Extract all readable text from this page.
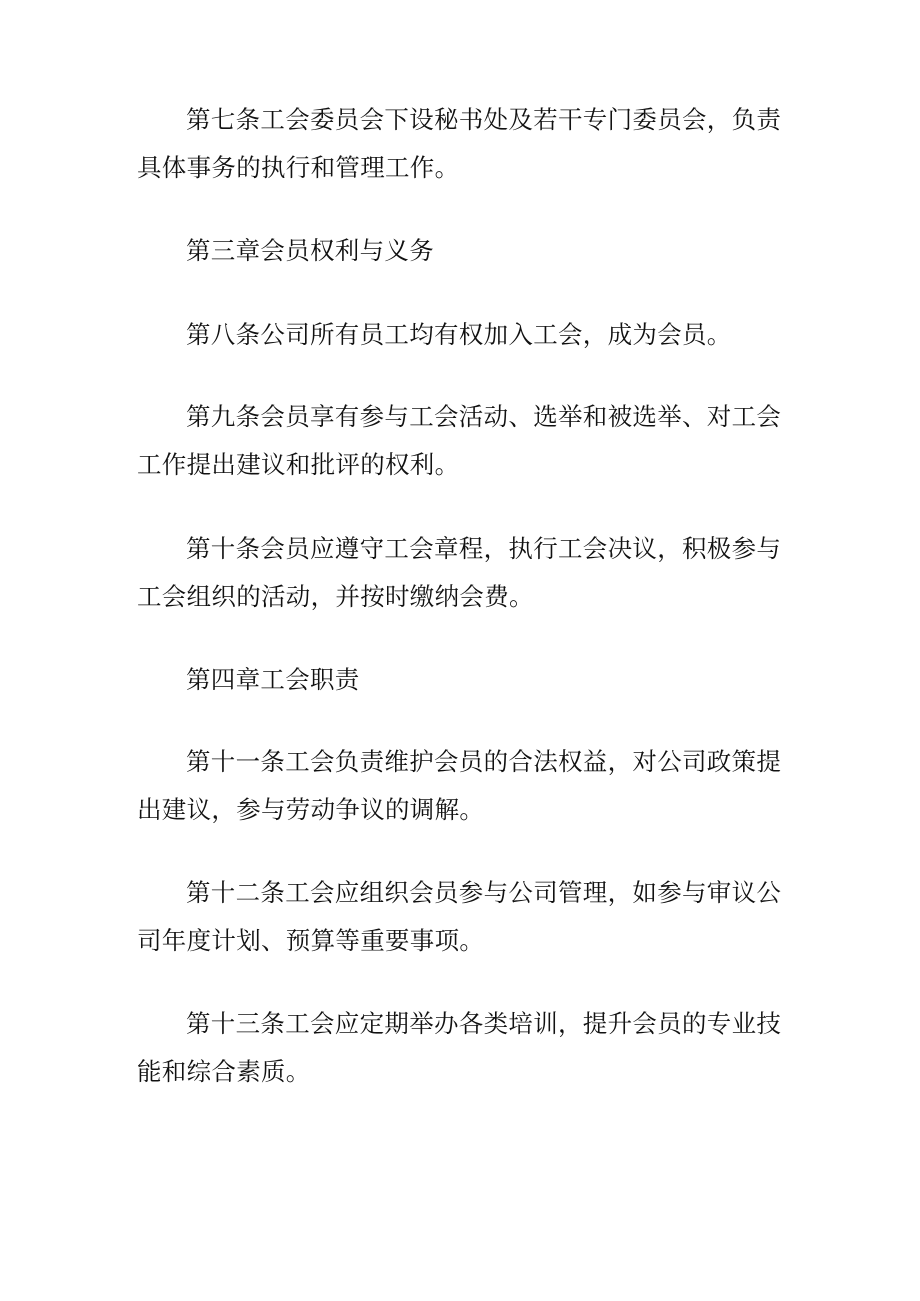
第七条工会委员会下设秘书处及若干专门委员会，负责
具体事务的执行和管理工作。

第三章会员权利与义务

第八条公司所有员工均有权加入工会，成为会员。

第九条会员享有参与工会活动、选举和被选举、对工会
工作提出建议和批评的权利。

第十条会员应遵守工会章程，执行工会决议，积极参与
工会组织的活动，并按时缴纳会费。

第四章工会职责

第十一条工会负责维护会员的合法权益，对公司政策提
出建议，参与劳动争议的调解。

第十二条工会应组织会员参与公司管理，如参与审议公
司年度计划、预算等重要事项。

第十三条工会应定期举办各类培训，提升会员的专业技
能和综合素质。
